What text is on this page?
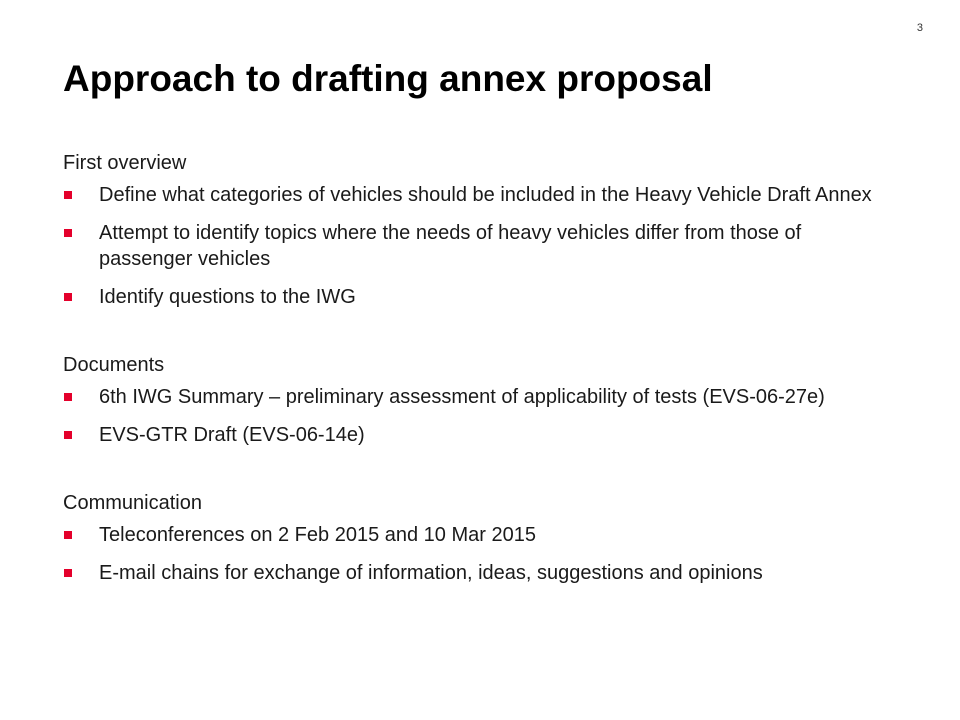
3
Approach to drafting annex proposal
First overview
Define what categories of vehicles should be included in the Heavy Vehicle Draft Annex
Attempt to identify topics where the needs of heavy vehicles differ from those of passenger vehicles
Identify questions to the IWG
Documents
6th IWG Summary – preliminary assessment of applicability of tests (EVS-06-27e)
EVS-GTR Draft (EVS-06-14e)
Communication
Teleconferences on 2 Feb 2015 and 10 Mar 2015
E-mail chains for exchange of information, ideas, suggestions and opinions
